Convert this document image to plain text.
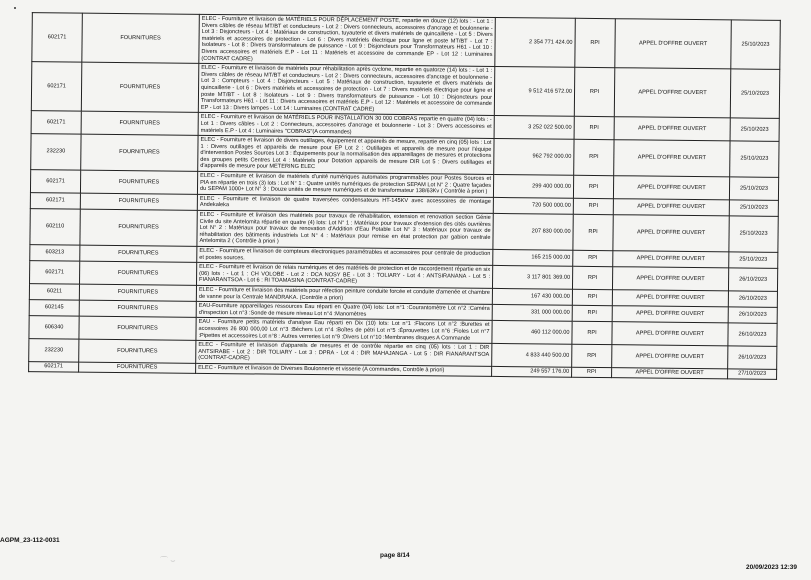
602171	FOURNITURES	ELEC - Fourniture et livraison de MATÉRIELS POUR DÉPLACEMENT POSTE, repartie en douze (12) lots : - Lot 1 : Divers câbles de réseau MT/BT et conducteurs - Lot 2 : Divers connecteurs, accessoires d'ancrage et boulonnerie - Lot 3 : Disjoncteurs - Lot 4 : Matériaux de construction, tuyauterie et divers matériels de quincaillerie - Lot 5 : Divers matériels et accessoires de protection - Lot 6 : Divers matériels électrique pour ligne et poste MT/BT - Lot 7 : Isolateurs - Lot 8 : Divers transformateurs de puissance - Lot 9 : Disjoncteurs pour Transformateurs H61 - Lot 10 : Divers accessoires et matériels E.P - Lot 11 : Matériels et accessoire de commande EP - Lot 12 : Luminaires (CONTRAT CADRE)	2 354 771 424.00	RPI	APPEL D'OFFRE OUVERT	25/10/2023
602171	FOURNITURES	ELEC - Fourniture et livraison de matériels pour réhabilitation après cyclone, repartie en quatorze (14) lots : - Lot 1 : Divers câbles de réseau MT/BT et conducteurs - Lot 2 : Divers connecteurs, accessoires d'ancrage et boulonnerie - Lot 3 : Compteurs - Lot 4 : Disjoncteurs - Lot 5 : Matériaux de construction, tuyauterie et divers matériels de quincaillerie - Lot 6 : Divers matériels et accessoires de protection - Lot 7 : Divers matériels électrique pour ligne et poste MT/BT - Lot 8 : Isolateurs - Lot 9 : Divers transformateurs de puissance - Lot 10 : Disjoncteurs pour Transformateurs H61 - Lot 11 : Divers accessoires et matériels E.P - Lot 12 : Matériels et accessoire de commande EP - Lot 13 : Divers lampes - Lot 14 : Luminaires (CONTRAT CADRE)	9 512 416 572.00	RPI	APPEL D'OFFRE OUVERT	25/10/2023
602171	FOURNITURES	ELEC - Fourniture et livraison de MATÉRIELS POUR INSTALLATION 30 000 COBRAS repartie en quatre (04) lots : - Lot 1 : Divers câbles - Lot 2 : Connecteurs, accessoires d'ancrage et boulonnerie - Lot 3 : Divers accessoires et matériels E.P - Lot 4 : Luminaires "COBRAS"(A commandes)	3 252 022 500.00	RPI	APPEL D'OFFRE OUVERT	25/10/2023
232230	FOURNITURES	ELEC - Fourniture et livraison de divers outillages, équipement et appareils de mesure, repartie en cinq (05) lots : Lot 1 : Divers outillages et appareils de mesure pour EP Lot 2 : Outillages et appareils de mesure pour l'équipe d'intervention Postes Sources Lot 3 : Équipements pour la normalisation des appareillages de mesures et protections des groupes petits Centres Lot 4 : Matériels pour Dotation appareils de mesure DIR Lot 5 : Divers outillages et d'appareils de mesure pour METERING ELEC	962 792 000.00	RPI	APPEL D'OFFRE OUVERT	25/10/2023
602171	FOURNITURES	ELEC - Fourniture et livraison de matériels d'unité numériques automates programmables pour Postes Sources et PIA en répartie en trois (3) lots : Lot N° 1 : Quatre unités numériques de protection SEPAM Lot N° 2 : Quatre façades du SEPAM 1000+ Lot N° 3 : Douze unités de mesure numériques et de transformateur 138/63Kv ( Contrôle à priori )	299 400 000.00	RPI	APPEL D'OFFRE OUVERT	25/10/2023
602171	FOURNITURES	ELEC - Fourniture et livraison de quatre traversées condensateurs HT-145KV avec accessoires de montage Andekaleka	720 500 000.00	RPI	APPEL D'OFFRE OUVERT	25/10/2023
602110	FOURNITURES	ELEC - Fourniture et livraison des matériels pour travaux de réhabilitation, extension et renovation section Génie Civile du site Antelomita répartie en quatre (4) lots: Lot N° 1 : Matériaux pour travaux d'extension des cités ouvrières Lot N° 2 : Matériaux pour travaux de renovation d'Addition d'Eau Potable Lot N° 3 : Matériaux pour travaux de réhabilitation des bâtiments industriels Lot N° 4 : Matériaux pour remise en état protection par gabion centrale Antelomita 2 ( Contrôle à priori )	207 830 000.00	RPI	APPEL D'OFFRE OUVERT	25/10/2023
603213	FOURNITURES	ELEC - Fourniture et livraison de compteurs électroniques paramétrables et accessoires pour centrale de production et postes sources.	165 215 000.00	RPI	APPEL D'OFFRE OUVERT	25/10/2023
602171	FOURNITURES	ELEC - Fourniture et livraison de relais numériques et des matériels de protection et de raccordement répartie en six (06) lots : - Lot 1 : CH VOLOBE - Lot 2 : DCA NOSY BE - Lot 3 : TOLIARY - Lot 4 : ANTSIRANANA - Lot 5 : FIANARANTSOA - Lot 6 : RI TOAMASINA (CONTRAT-CADRE)	3 117 801 369.00	RPI	APPEL D'OFFRE OUVERT	26/10/2023
60211	FOURNITURES	ELEC - Fourniture et livraison des matériels pour réfection peinture conduite forcée et conduite d'amenée et chambre de vanne pour la Centrale MANDRAKA. (Contrôle a priori)	167 430 000.00	RPI	APPEL D'OFFRE OUVERT	26/10/2023
602145	FOURNITURES	EAU-Fourniture appareillages ressources Eau réparti en Quatre (04) lots: Lot n°1 :Courantomètre Lot n°2 :Caméra d'inspection Lot n°3 :Sonde de mesure niveau Lot n°4 :Manomètres	331 000 000.00	RPI	APPEL D'OFFRE OUVERT	26/10/2023
606340	FOURNITURES	EAU - Fourniture petits matériels d'analyse Eau réparti en Dix (10) lots: Lot n°1 :Flacons Lot n°2 :Burettes et accessoires 26 800 000,00 Lot n°3 :Béchers Lot n°4 :Boîtes de pétri Lot n°5 :Éprouvettes Lot n°6 :Fioles Lot n°7 :Pipettes et accessoires Lot n°8 : Autres verreries Lot n°9 :Divers Lot n°10 :Membranes disques A Commande	460 112 000.00	RPI	APPEL D'OFFRE OUVERT	26/10/2023
232230	FOURNITURES	ELEC - Fourniture et livraison d'appareils de mesures et de contrôle répartie en cinq (05) lots : Lot 1 : DIR ANTSIRABE - Lot 2 : DIR TOLIARY - Lot 3 : DPRA - Lot 4 : DIR MAHAJANGA - Lot 5 : DIR FIANARANTSOA (CONTRAT-CADRE)	4 833 440 500.00	RPI	APPEL D'OFFRE OUVERT	26/10/2023
602171	FOURNITURES	ELEC - Fourniture et livraison de Diverses Boulonnerie et visserie (A commandes, Contrôle à priori)	249 557 176.00	RPI	APPEL D'OFFRE OUVERT	27/10/2023
⌒ ⌣
AGPM_23-112-0031
page 8/14
20/09/2023 12:39
